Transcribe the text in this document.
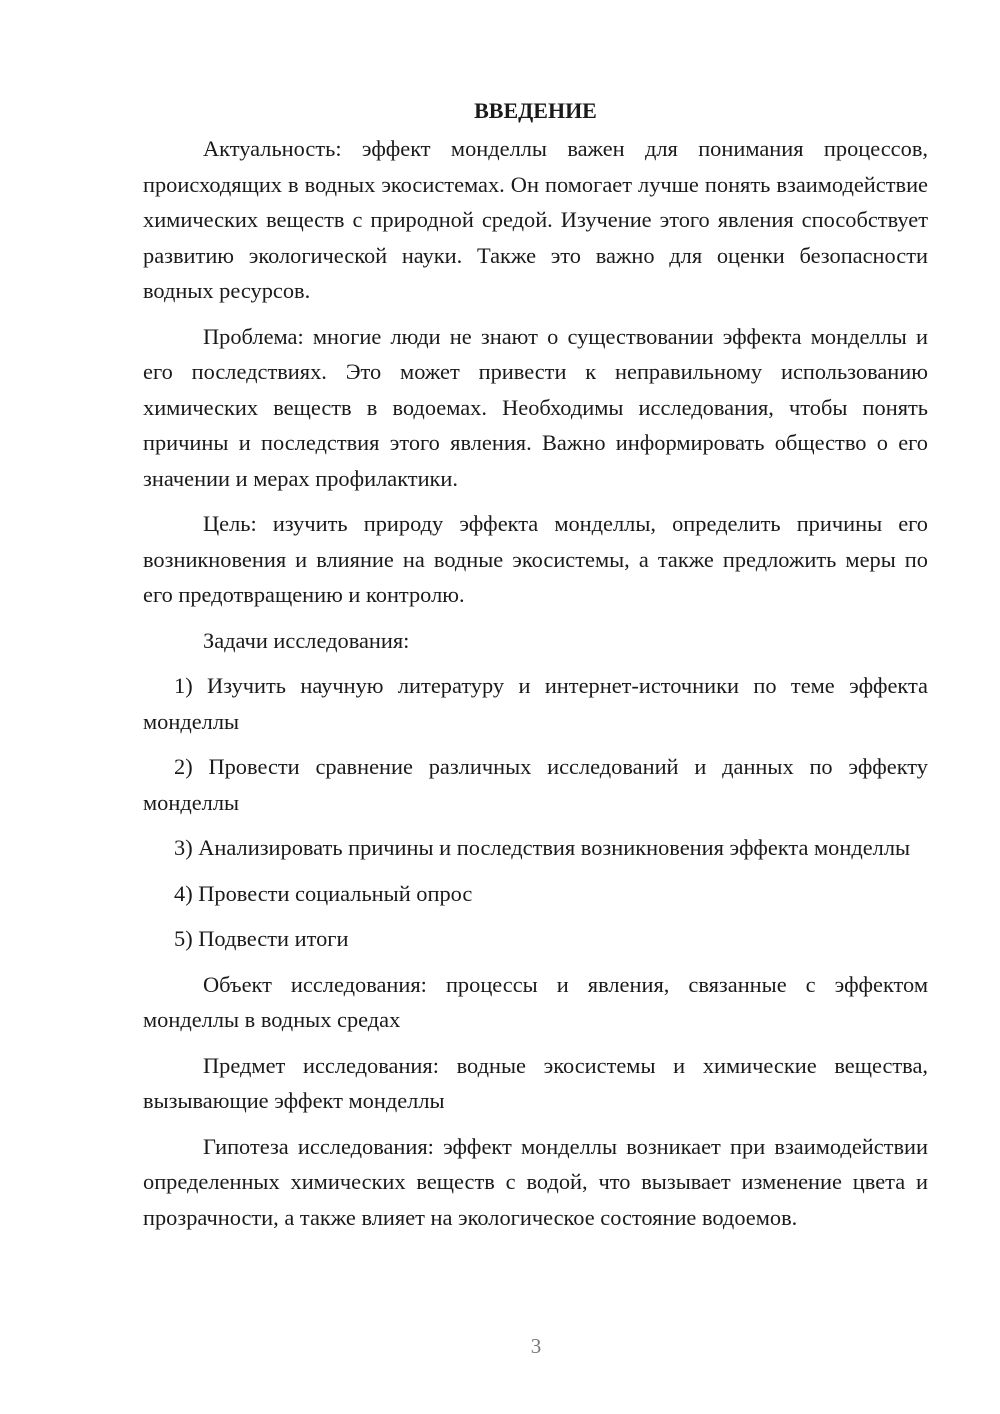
ВВЕДЕНИЕ

Актуальность: эффект монделлы важен для понимания процессов, происходящих в водных экосистемах. Он помогает лучше понять взаимодействие химических веществ с природной средой. Изучение этого явления способствует развитию экологической науки. Также это важно для оценки безопасности водных ресурсов.

Проблема: многие люди не знают о существовании эффекта монделлы и его последствиях. Это может привести к неправильному использованию химических веществ в водоемах. Необходимы исследования, чтобы понять причины и последствия этого явления. Важно информировать общество о его значении и мерах профилактики.

Цель: изучить природу эффекта монделлы, определить причины его возникновения и влияние на водные экосистемы, а также предложить меры по его предотвращению и контролю.

Задачи исследования:

1) Изучить научную литературу и интернет-источники по теме эффекта монделлы

2) Провести сравнение различных исследований и данных по эффекту монделлы

3) Анализировать причины и последствия возникновения эффекта монделлы

4) Провести социальный опрос

5) Подвести итоги

Объект исследования: процессы и явления, связанные с эффектом монделлы в водных средах

Предмет исследования: водные экосистемы и химические вещества, вызывающие эффект монделлы

Гипотеза исследования: эффект монделлы возникает при взаимодействии определенных химических веществ с водой, что вызывает изменение цвета и прозрачности, а также влияет на экологическое состояние водоемов.

3
